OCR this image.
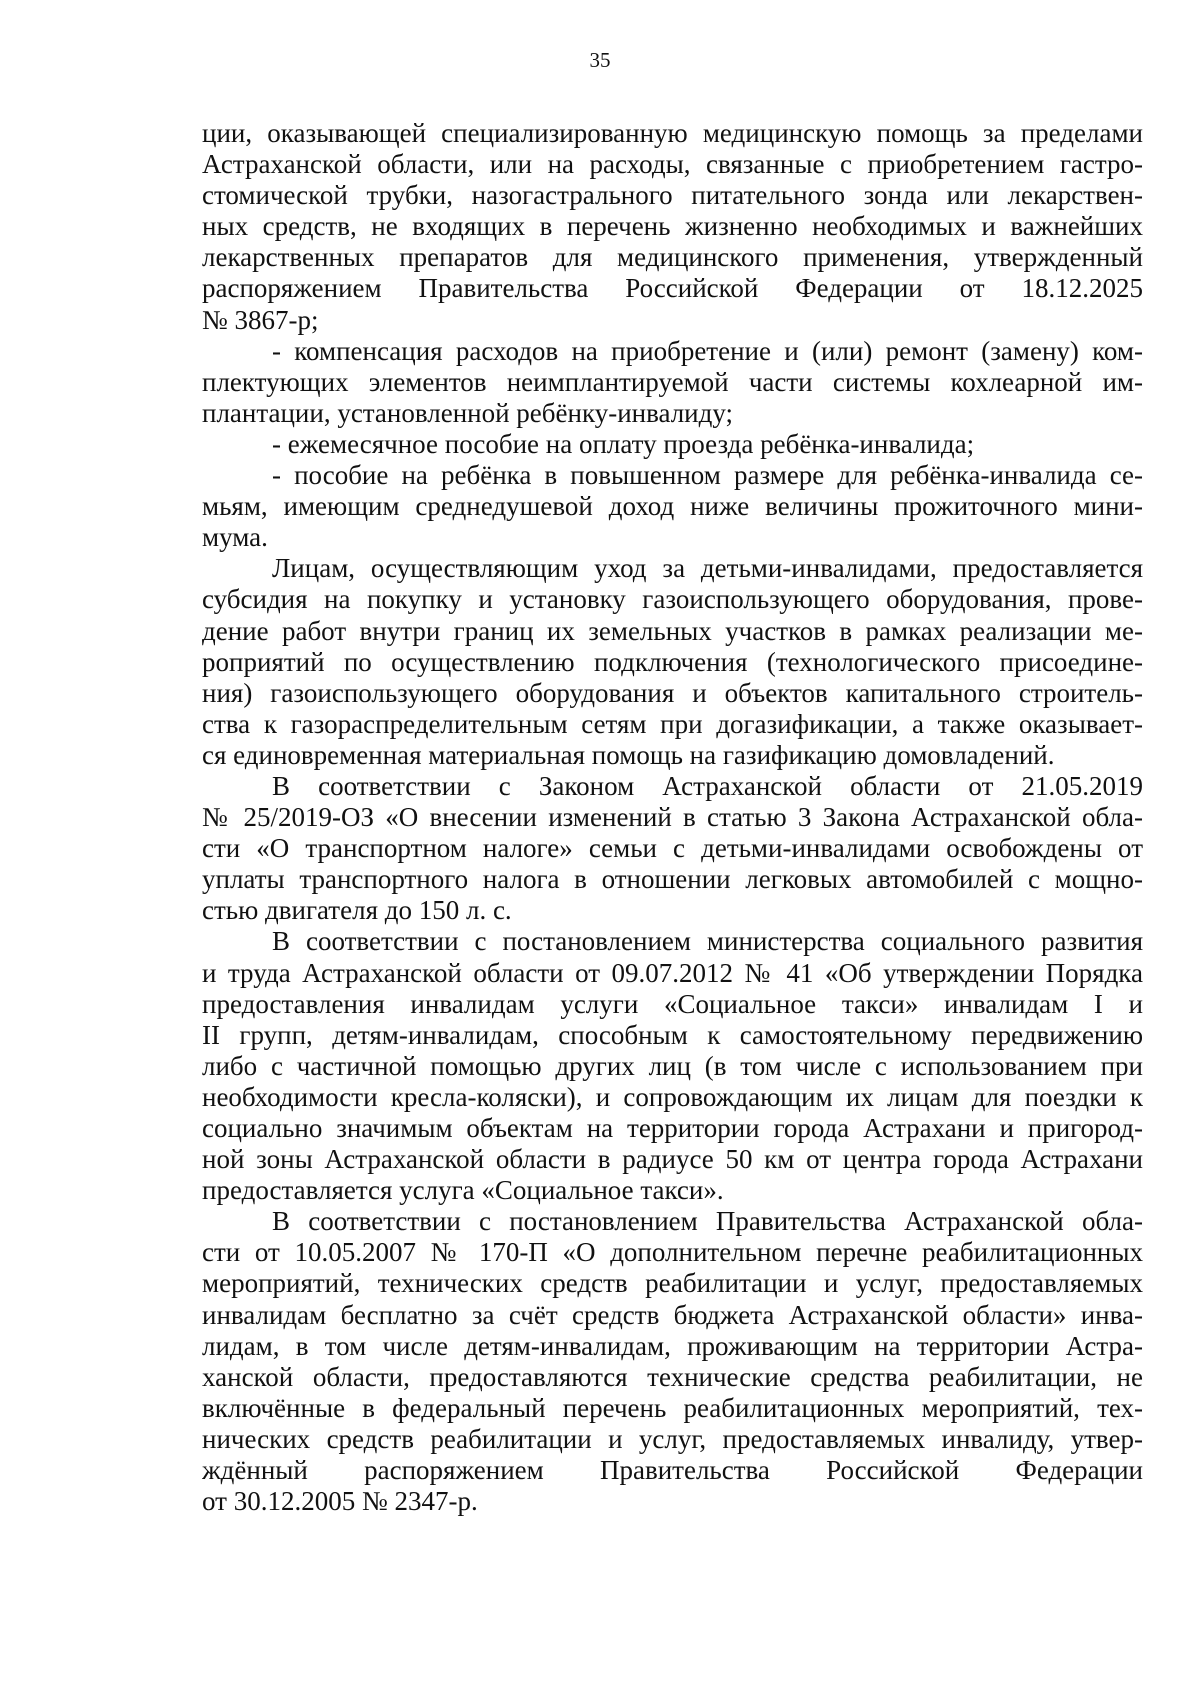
35
ции, оказывающей специализированную медицинскую помощь за пределами
Астраханской области, или на расходы, связанные с приобретением гастро-
стомической трубки, назогастрального питательного зонда или лекарствен-
ных средств, не входящих в перечень жизненно необходимых и важнейших
лекарственных препаратов для медицинского применения, утвержденный
распоряжением Правительства Российской Федерации от 18.12.2025
№ 3867-р;
- компенсация расходов на приобретение и (или) ремонт (замену) ком-
плектующих элементов неимплантируемой части системы кохлеарной им-
плантации, установленной ребёнку-инвалиду;
- ежемесячное пособие на оплату проезда ребёнка-инвалида;
- пособие на ребёнка в повышенном размере для ребёнка-инвалида се-
мьям, имеющим среднедушевой доход ниже величины прожиточного мини-
мума.
Лицам, осуществляющим уход за детьми-инвалидами, предоставляется
субсидия на покупку и установку газоиспользующего оборудования, прове-
дение работ внутри границ их земельных участков в рамках реализации ме-
роприятий по осуществлению подключения (технологического присоедине-
ния) газоиспользующего оборудования и объектов капитального строитель-
ства к газораспределительным сетям при догазификации, а также оказывает-
ся единовременная материальная помощь на газификацию домовладений.
В соответствии с Законом Астраханской области от 21.05.2019
№ 25/2019-ОЗ «О внесении изменений в статью 3 Закона Астраханской обла-
сти «О транспортном налоге» семьи с детьми-инвалидами освобождены от
уплаты транспортного налога в отношении легковых автомобилей с мощно-
стью двигателя до 150 л. с.
В соответствии с постановлением министерства социального развития
и труда Астраханской области от 09.07.2012 № 41 «Об утверждении Порядка
предоставления инвалидам услуги «Социальное такси» инвалидам I и
II групп, детям-инвалидам, способным к самостоятельному передвижению
либо с частичной помощью других лиц (в том числе с использованием при
необходимости кресла-коляски), и сопровождающим их лицам для поездки к
социально значимым объектам на территории города Астрахани и пригород-
ной зоны Астраханской области в радиусе 50 км от центра города Астрахани
предоставляется услуга «Социальное такси».
В соответствии с постановлением Правительства Астраханской обла-
сти от 10.05.2007 № 170-П «О дополнительном перечне реабилитационных
мероприятий, технических средств реабилитации и услуг, предоставляемых
инвалидам бесплатно за счёт средств бюджета Астраханской области» инва-
лидам, в том числе детям-инвалидам, проживающим на территории Астра-
ханской области, предоставляются технические средства реабилитации, не
включённые в федеральный перечень реабилитационных мероприятий, тех-
нических средств реабилитации и услуг, предоставляемых инвалиду, утвер-
ждённый распоряжением Правительства Российской Федерации
от 30.12.2005 № 2347-р.
